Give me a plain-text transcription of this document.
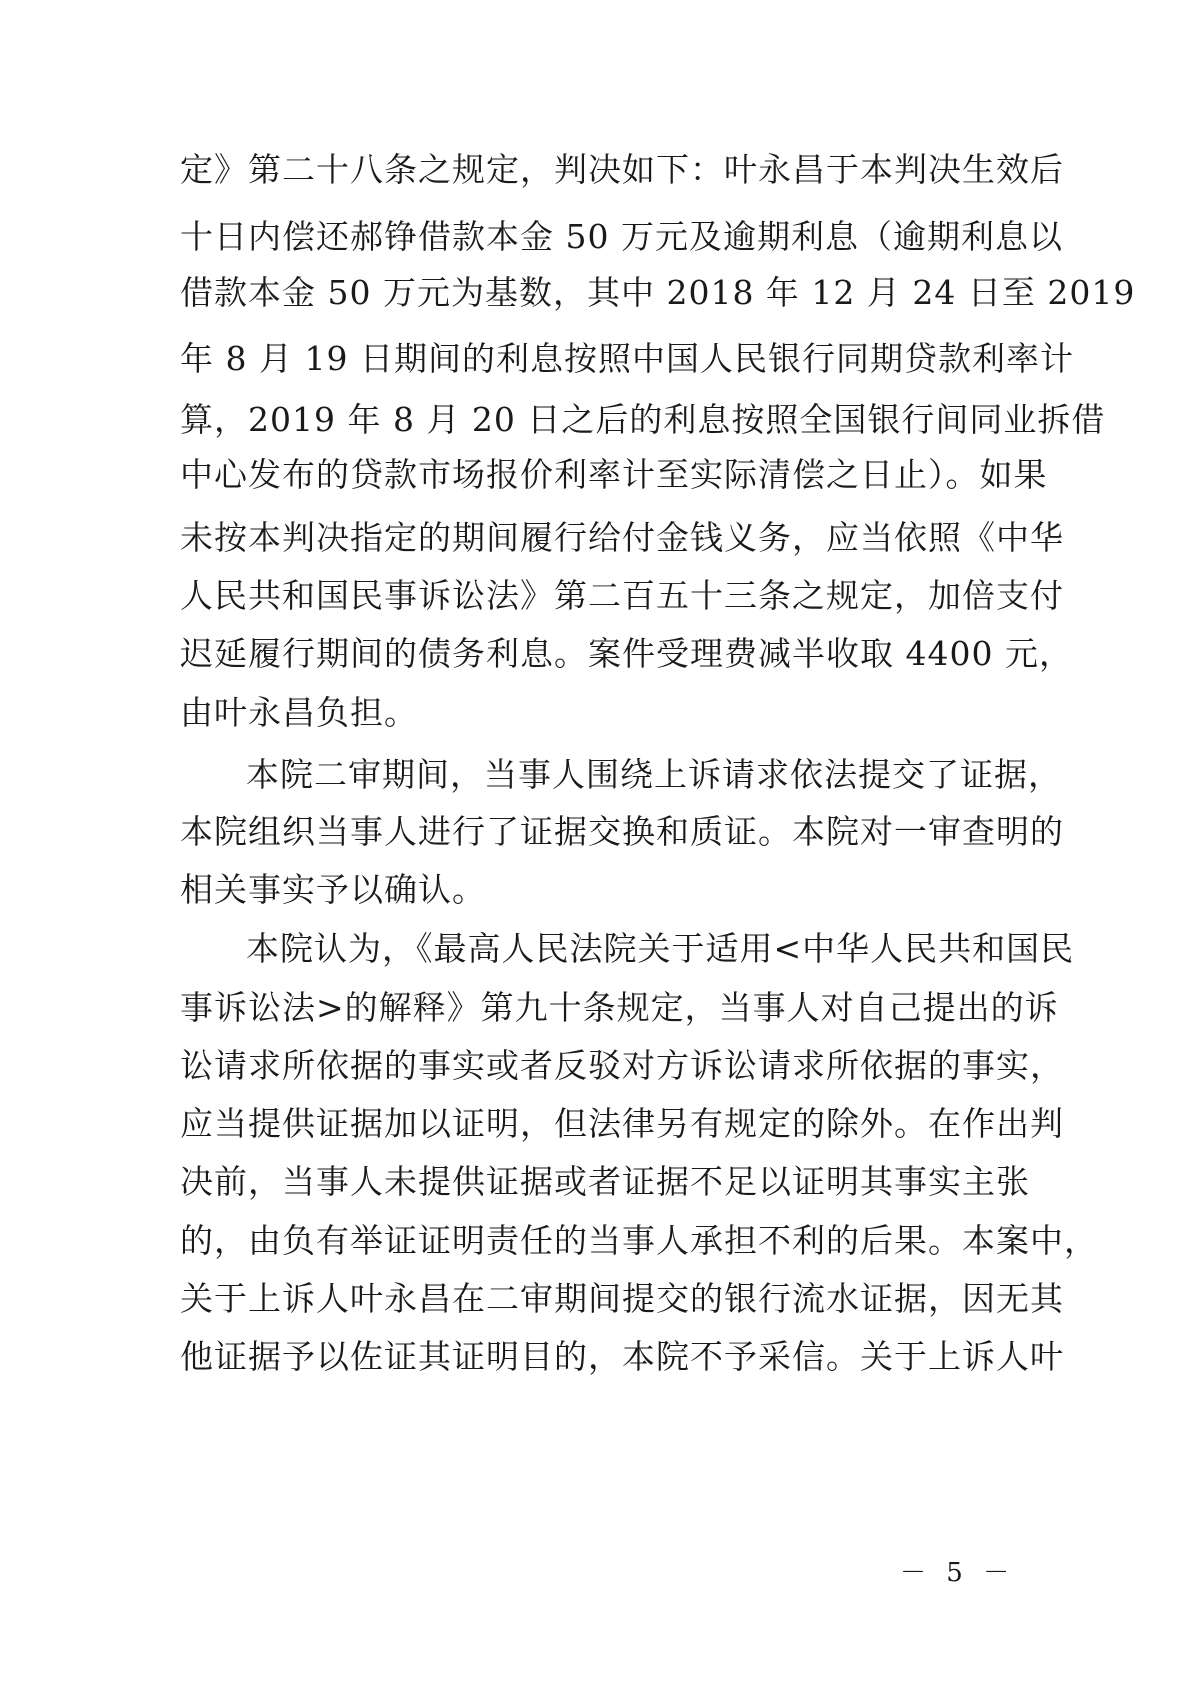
定》第二十八条之规定，判决如下：叶永昌于本判决生效后
十日内偿还郝铮借款本金 50 万元及逾期利息（逾期利息以
借款本金 50 万元为基数，其中 2018 年 12 月 24 日至 2019
年 8 月 19 日期间的利息按照中国人民银行同期贷款利率计
算，2019 年 8 月 20 日之后的利息按照全国银行间同业拆借
中心发布的贷款市场报价利率计至实际清偿之日止）。如果
未按本判决指定的期间履行给付金钱义务，应当依照《中华
人民共和国民事诉讼法》第二百五十三条之规定，加倍支付
迟延履行期间的债务利息。案件受理费减半收取 4400 元，
由叶永昌负担。
本院二审期间，当事人围绕上诉请求依法提交了证据，
本院组织当事人进行了证据交换和质证。本院对一审查明的
相关事实予以确认。
本院认为，《最高人民法院关于适用<中华人民共和国民
事诉讼法>的解释》第九十条规定，当事人对自己提出的诉
讼请求所依据的事实或者反驳对方诉讼请求所依据的事实，
应当提供证据加以证明，但法律另有规定的除外。在作出判
决前，当事人未提供证据或者证据不足以证明其事实主张
的，由负有举证证明责任的当事人承担不利的后果。本案中，
关于上诉人叶永昌在二审期间提交的银行流水证据，因无其
他证据予以佐证其证明目的，本院不予采信。关于上诉人叶
－ 5 －
